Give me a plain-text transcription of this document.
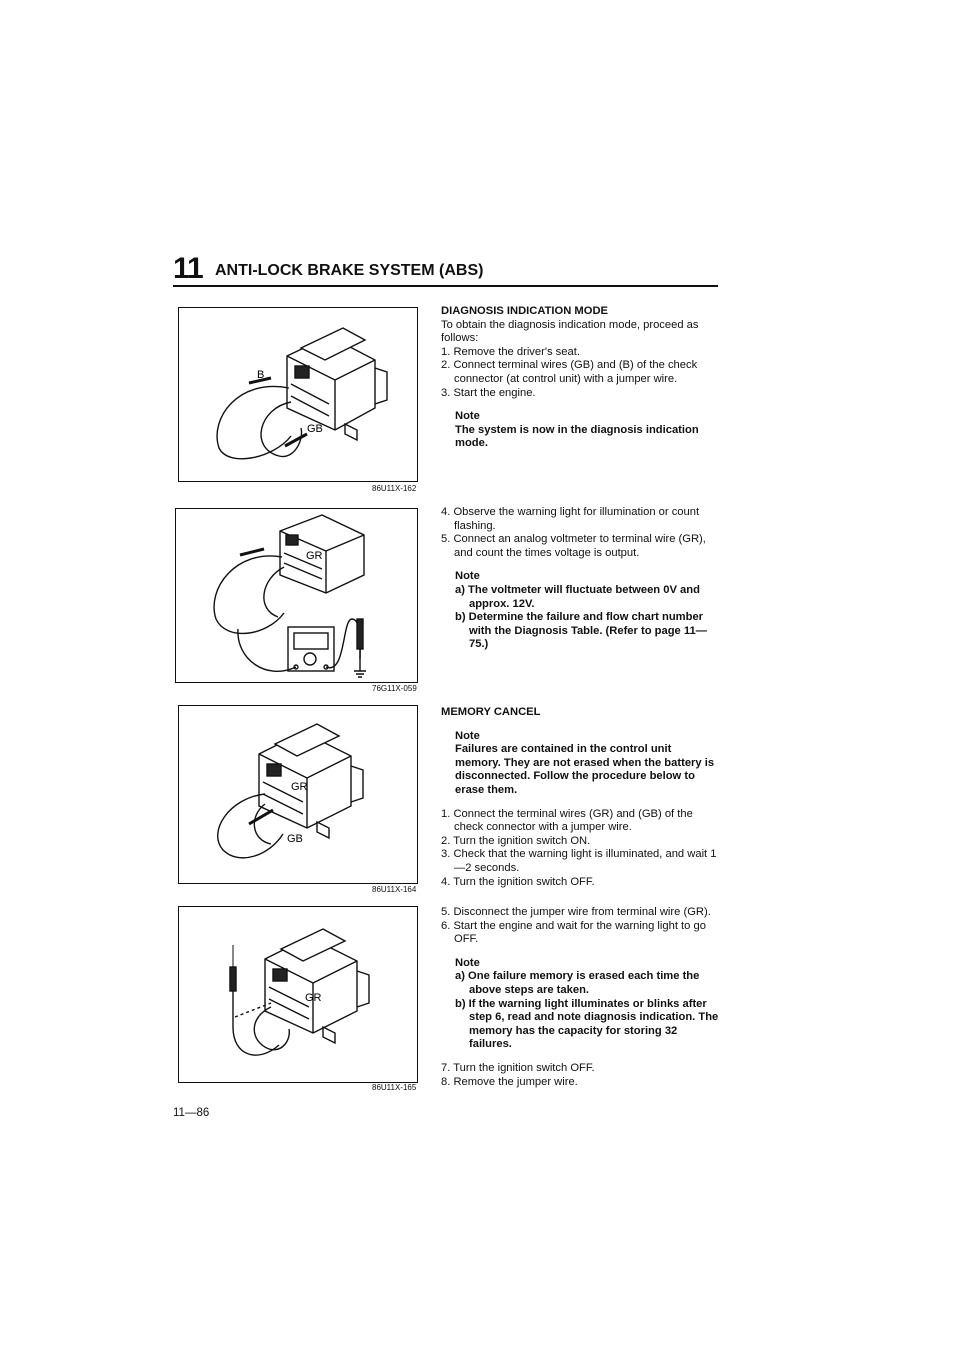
11 ANTI-LOCK BRAKE SYSTEM (ABS)
B
GB
86U11X-162
GR
76G11X-059
GR
GB
86U11X-164
GR
86U11X-165

DIAGNOSIS INDICATION MODE

To obtain the diagnosis indication mode, proceed as follows:

1. Remove the driver's seat.

2. Connect terminal wires (GB) and (B) of the check connector (at control unit) with a jumper wire.

3. Start the engine.

Note

The system is now in the diagnosis indication mode.

4. Observe the warning light for illumination or count flashing.

5. Connect an analog voltmeter to terminal wire (GR), and count the times voltage is output.

Note

a) The voltmeter will fluctuate between 0V and approx. 12V.

b) Determine the failure and flow chart number with the Diagnosis Table. (Refer to page 11—75.)

MEMORY CANCEL

Note

Failures are contained in the control unit memory. They are not erased when the battery is disconnected. Follow the procedure below to erase them.

1. Connect the terminal wires (GR) and (GB) of the check connector with a jumper wire.

2. Turn the ignition switch ON.

3. Check that the warning light is illuminated, and wait 1—2 seconds.

4. Turn the ignition switch OFF.

5. Disconnect the jumper wire from terminal wire (GR).

6. Start the engine and wait for the warning light to go OFF.

Note

a) One failure memory is erased each time the above steps are taken.

b) If the warning light illuminates or blinks after step 6, read and note diagnosis indication. The memory has the capacity for storing 32 failures.

7. Turn the ignition switch OFF.

8. Remove the jumper wire.

11—86
